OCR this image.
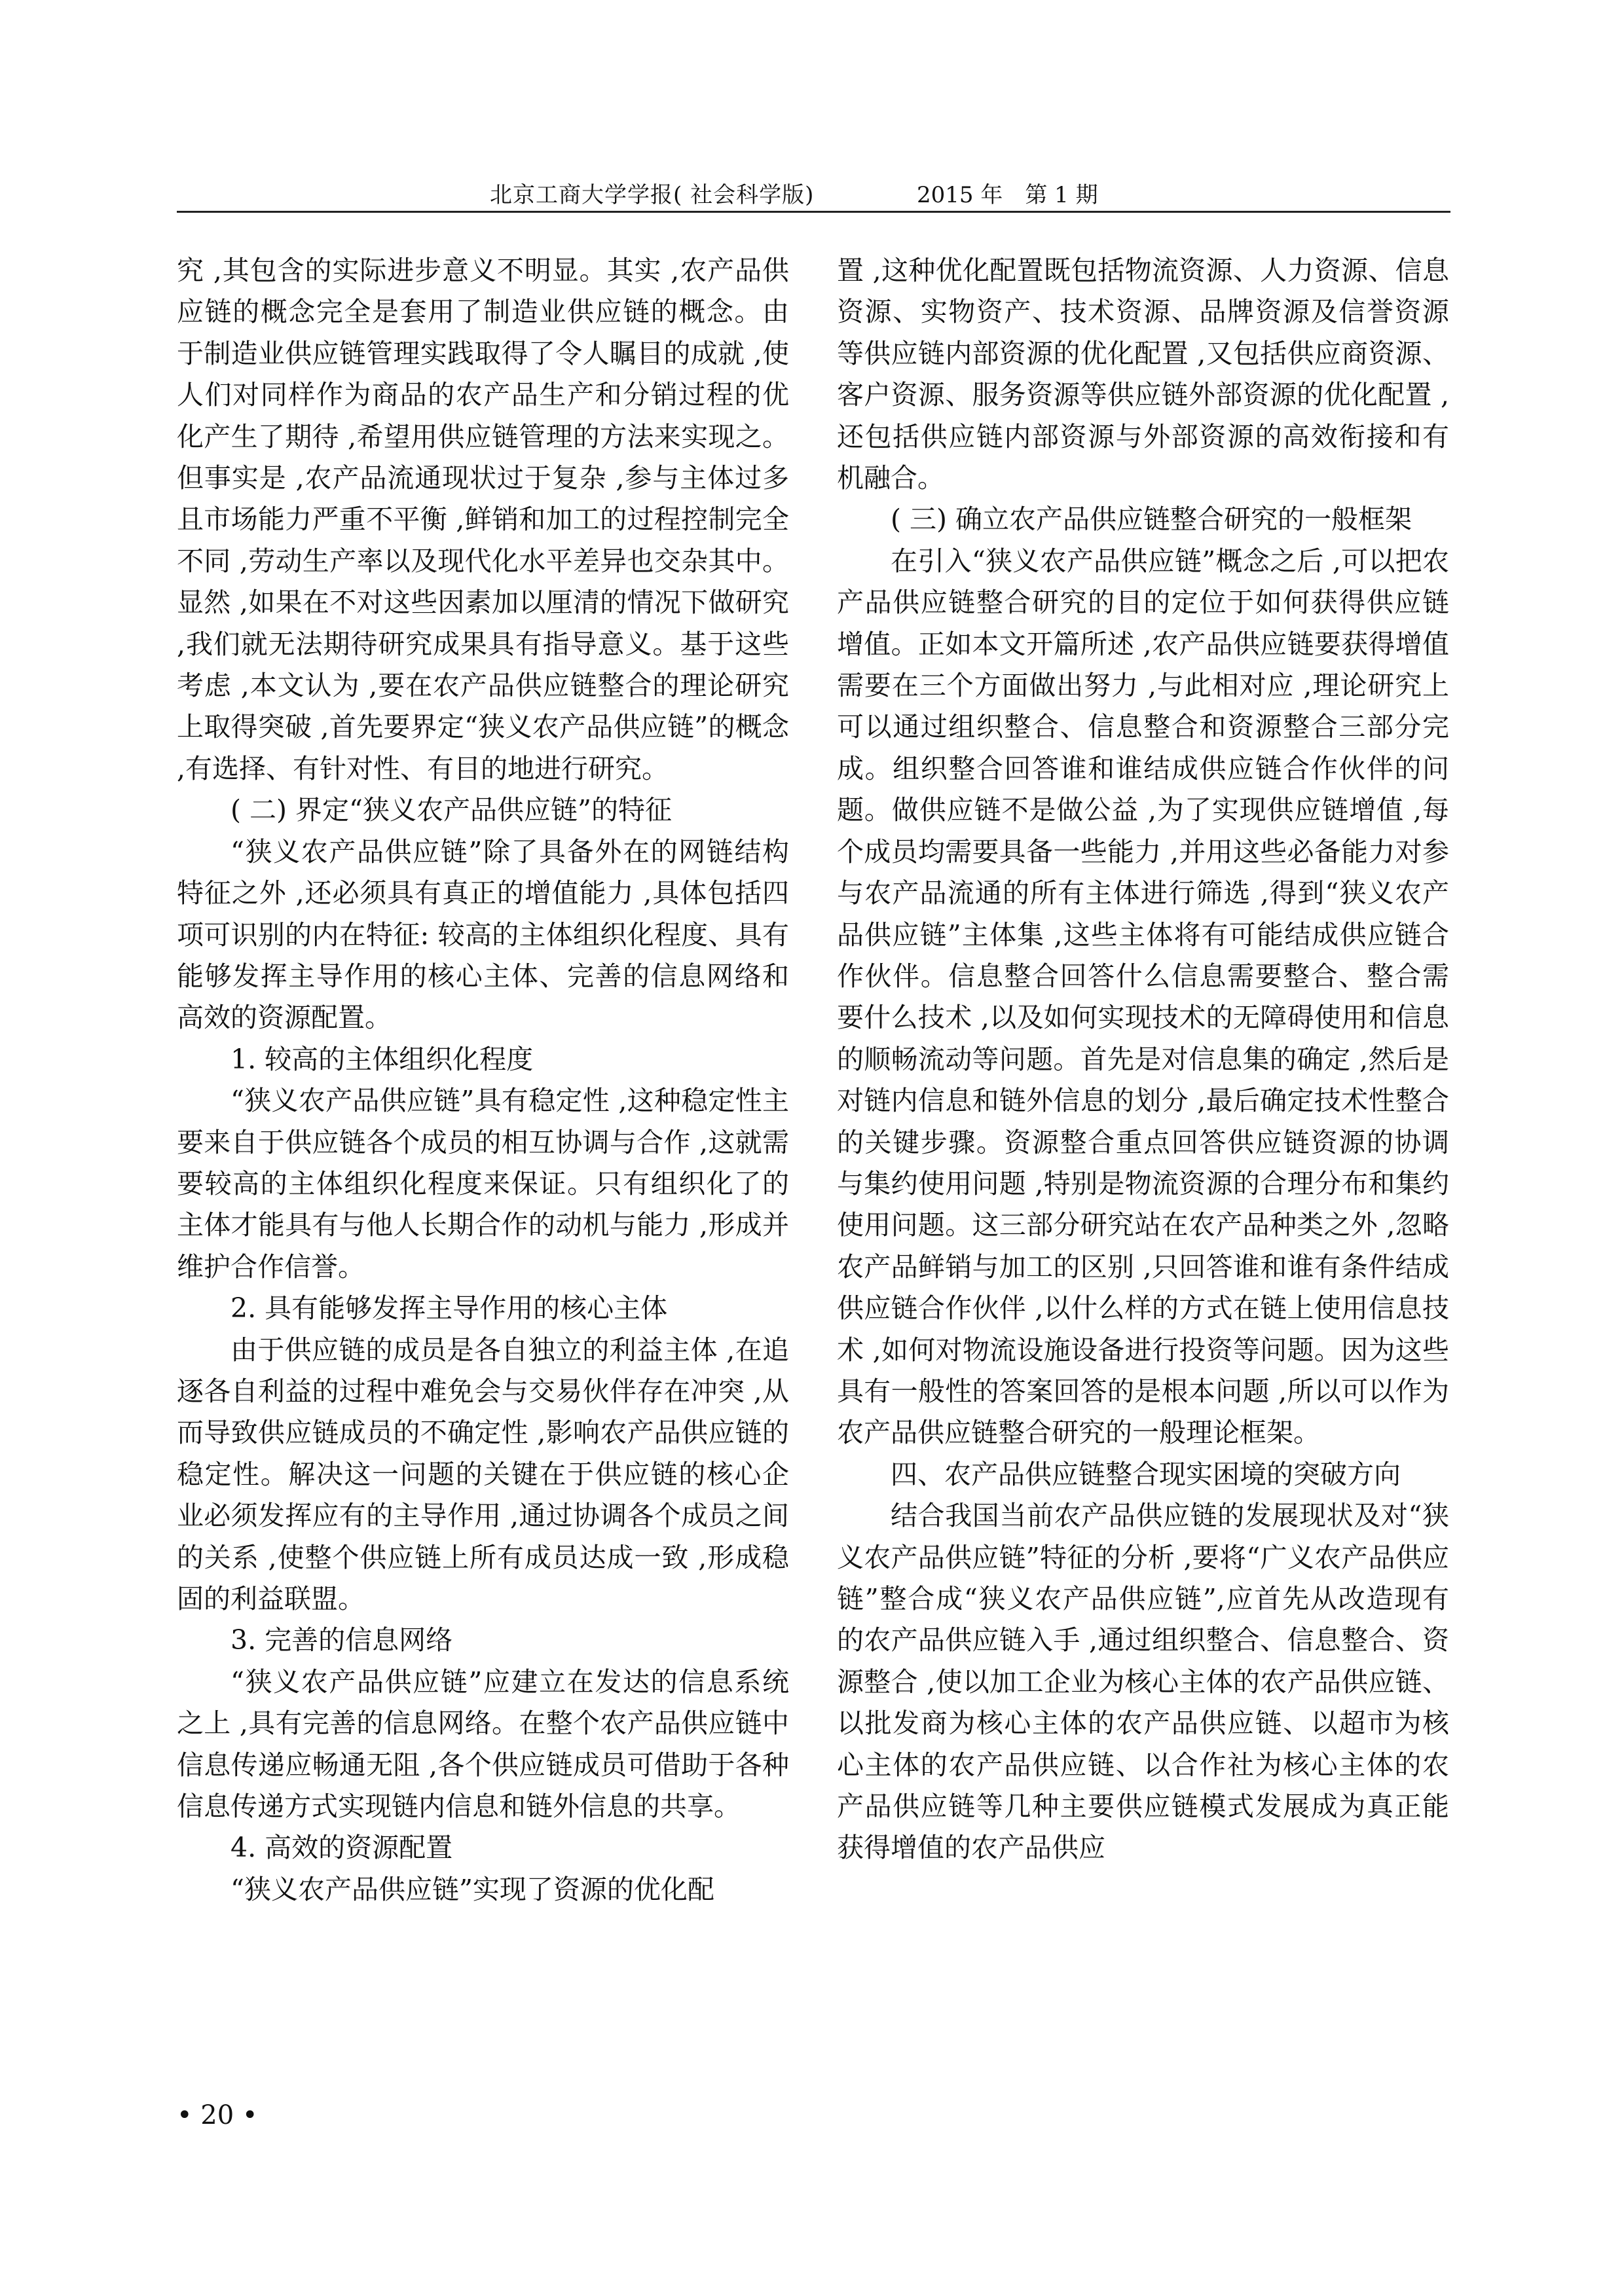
北京工商大学学报( 社会科学版)	2015 年　第 1 期

究 ,其包含的实际进步意义不明显。其实 ,农产品供应链的概念完全是套用了制造业供应链的概念。由于制造业供应链管理实践取得了令人瞩目的成就 ,使人们对同样作为商品的农产品生产和分销过程的优化产生了期待 ,希望用供应链管理的方法来实现之。但事实是 ,农产品流通现状过于复杂 ,参与主体过多且市场能力严重不平衡 ,鲜销和加工的过程控制完全不同 ,劳动生产率以及现代化水平差异也交杂其中。显然 ,如果在不对这些因素加以厘清的情况下做研究 ,我们就无法期待研究成果具有指导意义。基于这些考虑 ,本文认为 ,要在农产品供应链整合的理论研究上取得突破 ,首先要界定“狭义农产品供应链”的概念 ,有选择、有针对性、有目的地进行研究。

( 二) 界定“狭义农产品供应链”的特征

“狭义农产品供应链”除了具备外在的网链结构特征之外 ,还必须具有真正的增值能力 ,具体包括四项可识别的内在特征: 较高的主体组织化程度、具有能够发挥主导作用的核心主体、完善的信息网络和高效的资源配置。

1. 较高的主体组织化程度

“狭义农产品供应链”具有稳定性 ,这种稳定性主要来自于供应链各个成员的相互协调与合作 ,这就需要较高的主体组织化程度来保证。只有组织化了的主体才能具有与他人长期合作的动机与能力 ,形成并维护合作信誉。

2. 具有能够发挥主导作用的核心主体

由于供应链的成员是各自独立的利益主体 ,在追逐各自利益的过程中难免会与交易伙伴存在冲突 ,从而导致供应链成员的不确定性 ,影响农产品供应链的稳定性。解决这一问题的关键在于供应链的核心企业必须发挥应有的主导作用 ,通过协调各个成员之间的关系 ,使整个供应链上所有成员达成一致 ,形成稳固的利益联盟。

3. 完善的信息网络

“狭义农产品供应链”应建立在发达的信息系统之上 ,具有完善的信息网络。在整个农产品供应链中信息传递应畅通无阻 ,各个供应链成员可借助于各种信息传递方式实现链内信息和链外信息的共享。

4. 高效的资源配置

“狭义农产品供应链”实现了资源的优化配

置 ,这种优化配置既包括物流资源、人力资源、信息资源、实物资产、技术资源、品牌资源及信誉资源等供应链内部资源的优化配置 ,又包括供应商资源、客户资源、服务资源等供应链外部资源的优化配置 ,还包括供应链内部资源与外部资源的高效衔接和有机融合。

( 三) 确立农产品供应链整合研究的一般框架

在引入“狭义农产品供应链”概念之后 ,可以把农产品供应链整合研究的目的定位于如何获得供应链增值。正如本文开篇所述 ,农产品供应链要获得增值需要在三个方面做出努力 ,与此相对应 ,理论研究上可以通过组织整合、信息整合和资源整合三部分完成。组织整合回答谁和谁结成供应链合作伙伴的问题。做供应链不是做公益 ,为了实现供应链增值 ,每个成员均需要具备一些能力 ,并用这些必备能力对参与农产品流通的所有主体进行筛选 ,得到“狭义农产品供应链”主体集 ,这些主体将有可能结成供应链合作伙伴。信息整合回答什么信息需要整合、整合需要什么技术 ,以及如何实现技术的无障碍使用和信息的顺畅流动等问题。首先是对信息集的确定 ,然后是对链内信息和链外信息的划分 ,最后确定技术性整合的关键步骤。资源整合重点回答供应链资源的协调与集约使用问题 ,特别是物流资源的合理分布和集约使用问题。这三部分研究站在农产品种类之外 ,忽略农产品鲜销与加工的区别 ,只回答谁和谁有条件结成供应链合作伙伴 ,以什么样的方式在链上使用信息技术 ,如何对物流设施设备进行投资等问题。因为这些具有一般性的答案回答的是根本问题 ,所以可以作为农产品供应链整合研究的一般理论框架。

四、农产品供应链整合现实困境的突破方向

结合我国当前农产品供应链的发展现状及对“狭义农产品供应链”特征的分析 ,要将“广义农产品供应链”整合成“狭义农产品供应链”,应首先从改造现有的农产品供应链入手 ,通过组织整合、信息整合、资源整合 ,使以加工企业为核心主体的农产品供应链、以批发商为核心主体的农产品供应链、以超市为核心主体的农产品供应链、以合作社为核心主体的农产品供应链等几种主要供应链模式发展成为真正能获得增值的农产品供应

• 20 •
